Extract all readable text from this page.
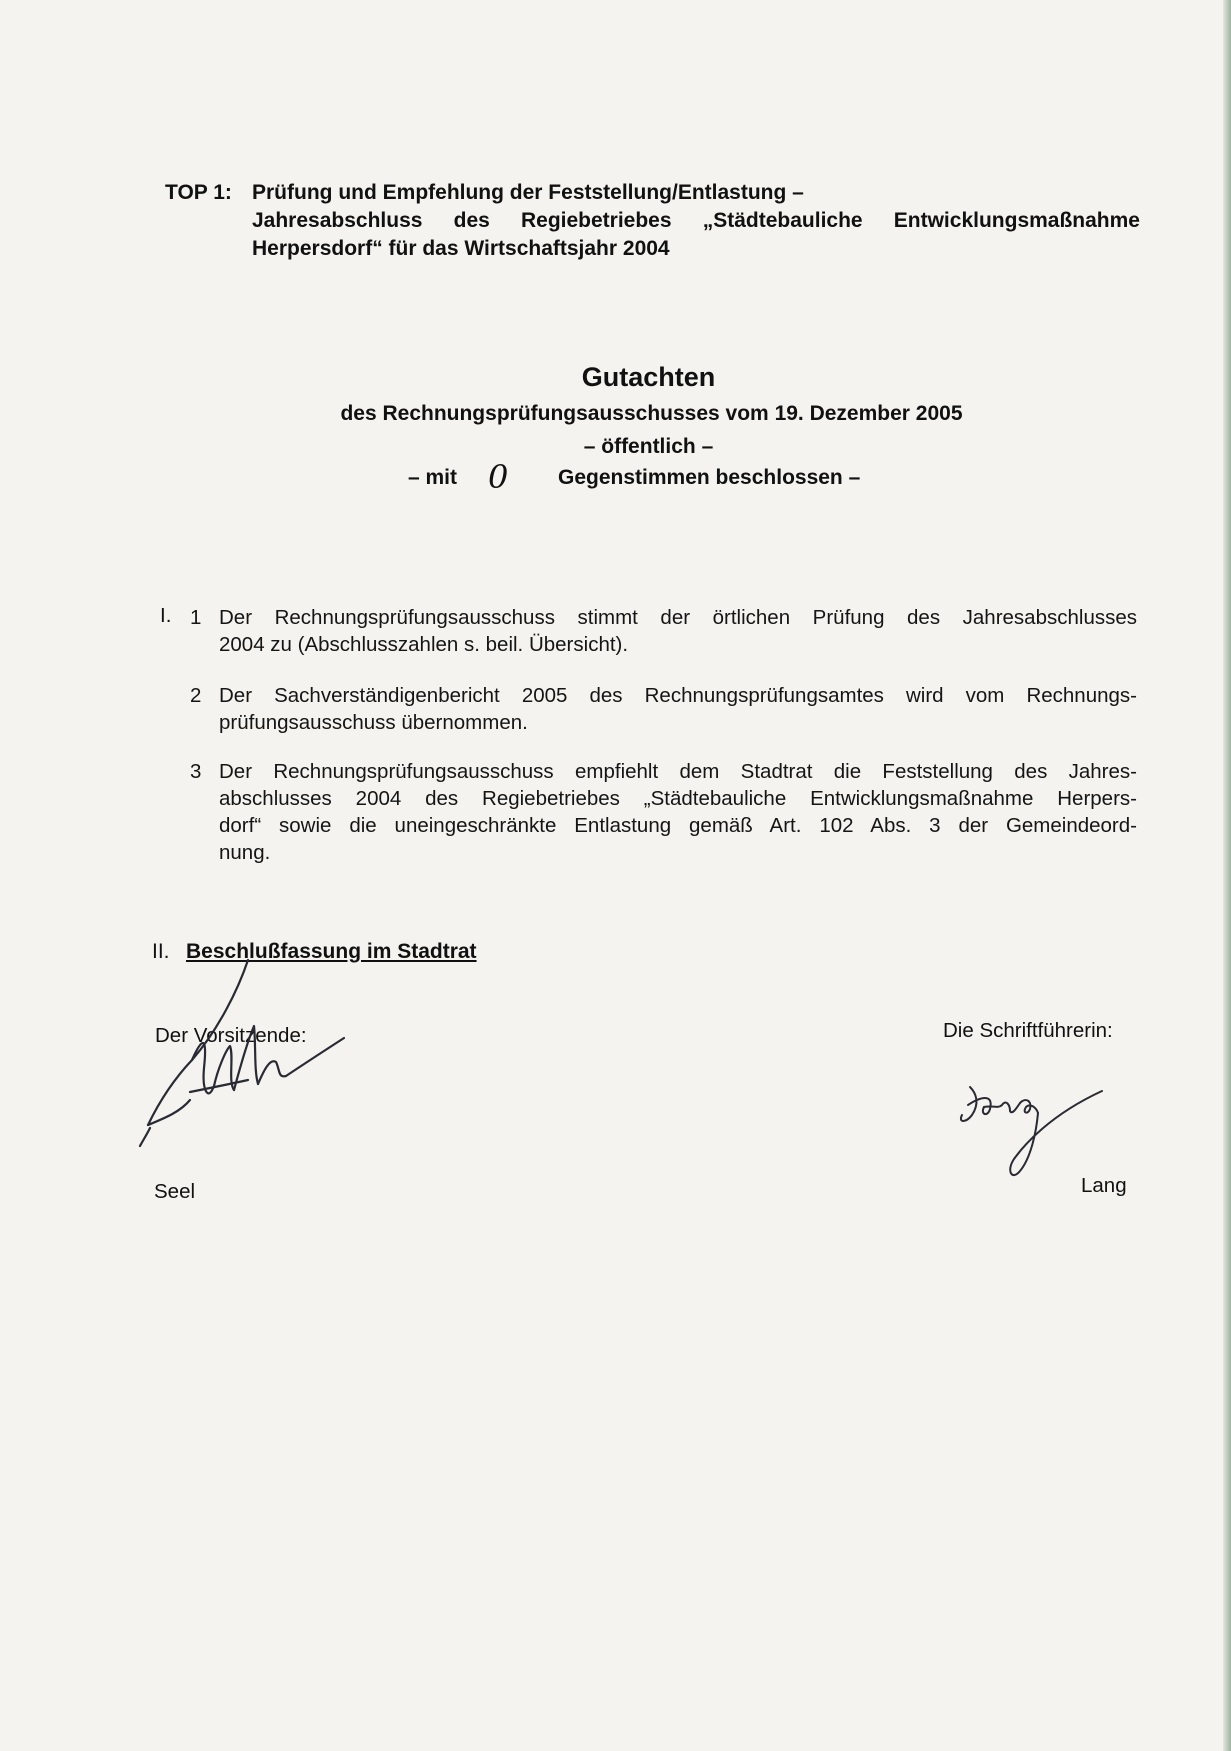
TOP 1: Prüfung und Empfehlung der Feststellung/Entlastung –
Jahresabschluss des Regiebetriebes „Städtebauliche Entwicklungsmaßnahme
Herpersdorf“ für das Wirtschaftsjahr 2004
Gutachten
des Rechnungsprüfungsausschusses vom 19. Dezember 2005
– öffentlich –
– mit 0 Gegenstimmen beschlossen –
I. 1 Der Rechnungsprüfungsausschuss stimmt der örtlichen Prüfung des Jahresabschlusses
2004 zu (Abschlusszahlen s. beil. Übersicht).
2 Der Sachverständigenbericht 2005 des Rechnungsprüfungsamtes wird vom Rechnungs-
prüfungsausschuss übernommen.
3 Der Rechnungsprüfungsausschuss empfiehlt dem Stadtrat die Feststellung des Jahres-
abschlusses 2004 des Regiebetriebes „Städtebauliche Entwicklungsmaßnahme Herpers-
dorf“ sowie die uneingeschränkte Entlastung gemäß Art. 102 Abs. 3 der Gemeindeord-
nung.
II. Beschlußfassung im Stadtrat
Der Vorsitzende:	Die Schriftführerin:
Seel	Lang
